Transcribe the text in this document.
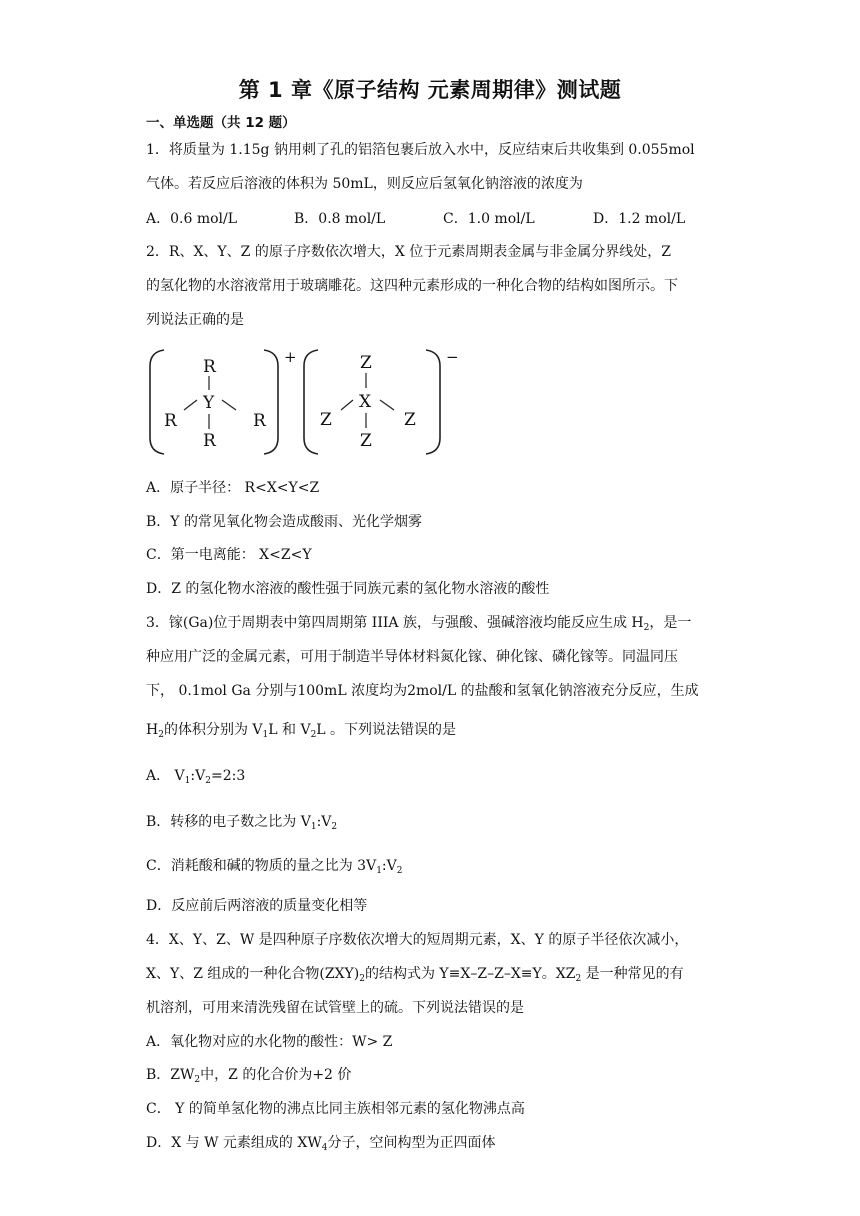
第 1 章《原子结构 元素周期律》测试题
一、单选题（共 12 题）
1．将质量为 1.15g 钠用刺了孔的铝箔包裹后放入水中，反应结束后共收集到 0.055mol
气体。若反应后溶液的体积为 50mL，则反应后氢氧化钠溶液的浓度为
A．0.6 mol/L	B．0.8 mol/L	C．1.0 mol/L	D．1.2 mol/L
2．R、X、Y、Z 的原子序数依次增大，X 位于元素周期表金属与非金属分界线处，Z
的氢化物的水溶液常用于玻璃雕花。这四种元素形成的一种化合物的结构如图所示。下
列说法正确的是
+
R
Y
R	R
R
−
Z
X
Z	Z
Z
A．原子半径： R<X<Y<Z
B．Y 的常见氧化物会造成酸雨、光化学烟雾
C．第一电离能： X<Z<Y
D．Z 的氢化物水溶液的酸性强于同族元素的氢化物水溶液的酸性
3．镓(Ga)位于周期表中第四周期第 IIIA 族，与强酸、强碱溶液均能反应生成 $H_2$，是一
种应用广泛的金属元素，可用于制造半导体材料氮化镓、砷化镓、磷化镓等。同温同压
下， 0.1mol Ga 分别与100mL 浓度均为2mol/L 的盐酸和氢氧化钠溶液充分反应，生成
$H_2$的体积分别为 $V_1L$ 和 $V_2L$ 。下列说法错误的是
A． $V_1:V_2=2:3$
B．转移的电子数之比为 $V_1:V_2$
C．消耗酸和碱的物质的量之比为 $3V_1:V_2$
D．反应前后两溶液的质量变化相等
4．X、Y、Z、W 是四种原子序数依次增大的短周期元素，X、Y 的原子半径依次减小，
X、Y、Z 组成的一种化合物$(ZXY)_2$的结构式为 Y≡X–Z–Z–X≡Y。$XZ_2$ 是一种常见的有
机溶剂，可用来清洗残留在试管壁上的硫。下列说法错误的是
A．氧化物对应的水化物的酸性：W> Z
B．$ZW_2$中，Z 的化合价为+2 价
C． Y 的简单氢化物的沸点比同主族相邻元素的氢化物沸点高
D．X 与 W 元素组成的 $XW_4$分子，空间构型为正四面体
